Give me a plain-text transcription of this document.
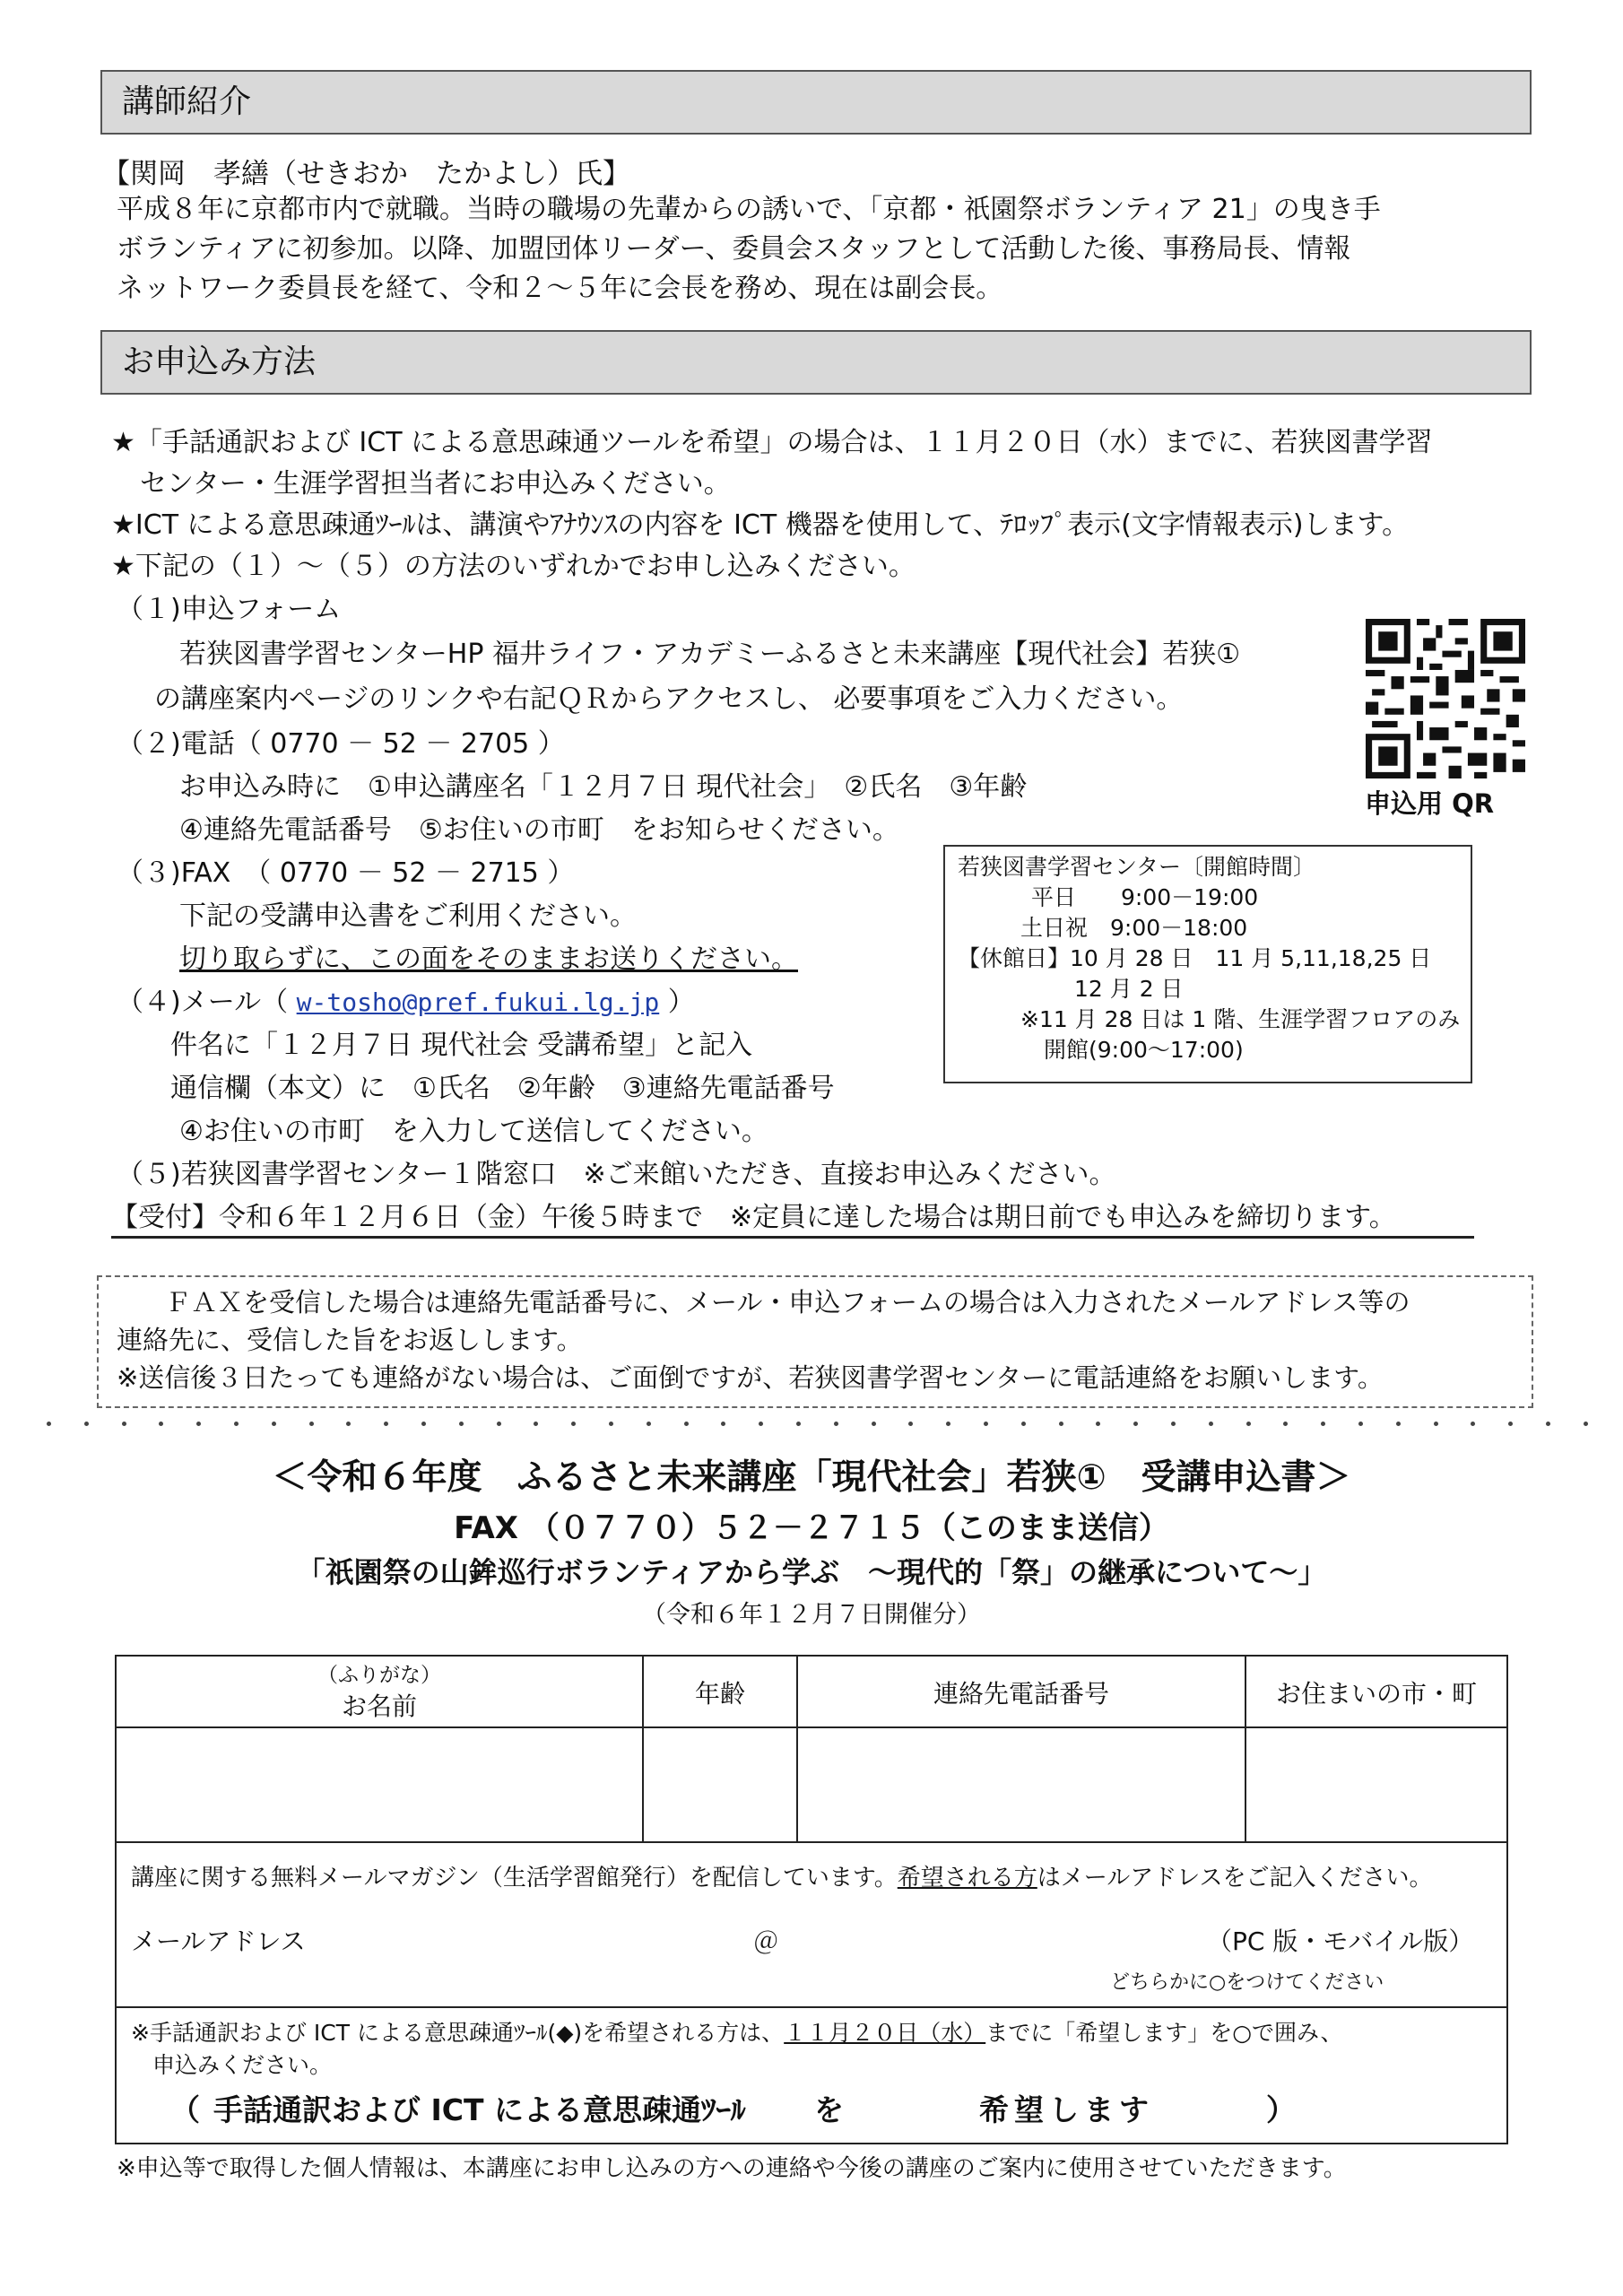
講師紹介
【関岡　孝繕（せきおか　たかよし）氏】
平成８年に京都市内で就職。当時の職場の先輩からの誘いで、「京都・祇園祭ボランティア 21」の曳き手
ボランティアに初参加。以降、加盟団体リーダー、委員会スタッフとして活動した後、事務局長、情報
ネットワーク委員長を経て、令和２～５年に会長を務め、現在は副会長。
お申込み方法
★「手話通訳および ICT による意思疎通ツールを希望」の場合は、１１月２０日（水）までに、若狭図書学習
センター・生涯学習担当者にお申込みください。
★ICT による意思疎通ﾂｰﾙは、講演やｱﾅｳﾝｽの内容を ICT 機器を使用して、ﾃﾛｯﾌﾟ表示(文字情報表示)します。
★下記の（１）～（５）の方法のいずれかでお申し込みください。
（１)申込フォーム
若狭図書学習センターHP 福井ライフ・アカデミーふるさと未来講座【現代社会】若狭①
の講座案内ページのリンクや右記ＱＲからアクセスし、 必要事項をご入力ください。
（２)電話（ 0770 － 52 － 2705 ）
お申込み時に　①申込講座名「１２月７日 現代社会」　②氏名　③年齢
④連絡先電話番号　⑤お住いの市町　をお知らせください。
（３)FAX　（ 0770 － 52 － 2715 ）
下記の受講申込書をご利用ください。
切り取らずに、この面をそのままお送りください。
（４)メール（ w-tosho@pref.fukui.lg.jp ）
件名に「１２月７日 現代社会 受講希望」と記入
通信欄（本文）に　①氏名　②年齢　③連絡先電話番号
④お住いの市町　を入力して送信してください。
（５)若狭図書学習センター１階窓口　※ご来館いただき、直接お申込みください。
【受付】令和６年１２月６日（金）午後５時まで　※定員に達した場合は期日前でも申込みを締切ります。
申込用 QR
若狭図書学習センター〔開館時間〕
平日　　9:00－19:00
土日祝　9:00－18:00
【休館日】10 月 28 日　11 月 5,11,18,25 日
12 月 2 日
※11 月 28 日は 1 階、生涯学習フロアのみ
開館(9:00～17:00)
ＦＡＸを受信した場合は連絡先電話番号に、メール・申込フォームの場合は入力されたメールアドレス等の
連絡先に、受信した旨をお返しします。
※送信後３日たっても連絡がない場合は、ご面倒ですが、若狭図書学習センターに電話連絡をお願いします。
＜令和６年度　ふるさと未来講座「現代社会」若狭①　受講申込書＞
FAX （０７７０）５２－２７１５（このまま送信）
「祇園祭の山鉾巡行ボランティアから学ぶ　～現代的「祭」の継承について～」
（令和６年１２月７日開催分）
（ふりがな）
お名前	年齢	連絡先電話番号	お住まいの市・町
講座に関する無料メールマガジン（生活学習館発行）を配信しています。希望される方はメールアドレスをご記入ください。
メールアドレス	＠	（PC 版・モバイル版）
どちらかに○をつけてください
※手話通訳および ICT による意思疎通ﾂｰﾙ(◆)を希望される方は、１１月２０日（水）までに「希望します」を○で囲み、
申込みください。
（ 手話通訳および ICT による意思疎通ﾂｰﾙ を	希望します	）
※申込等で取得した個人情報は、本講座にお申し込みの方への連絡や今後の講座のご案内に使用させていただきます。
